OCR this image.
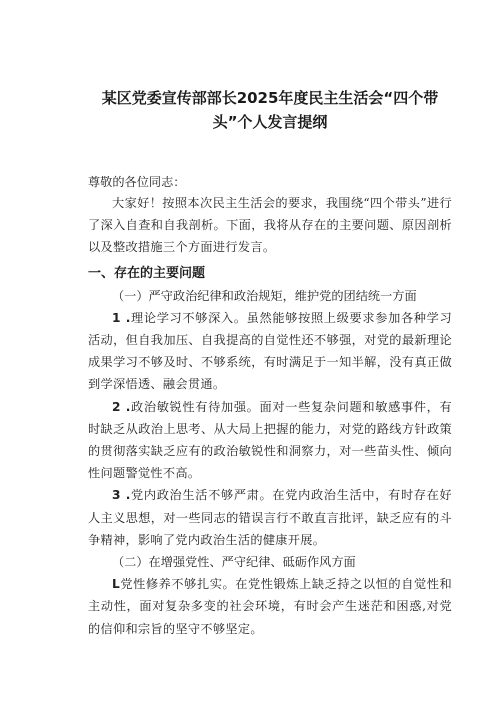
某区党委宣传部部长2025年度民主生活会“四个带头”个人发言提纲
尊敬的各位同志：

大家好！按照本次民主生活会的要求，我围绕“四个带头”进行了深入自查和自我剖析。下面，我将从存在的主要问题、原因剖析以及整改措施三个方面进行发言。

一、存在的主要问题
（一）严守政治纪律和政治规矩，维护党的团结统一方面

1 .理论学习不够深入。虽然能够按照上级要求参加各种学习活动，但自我加压、自我提高的自觉性还不够强，对党的最新理论成果学习不够及时、不够系统，有时满足于一知半解，没有真正做到学深悟透、融会贯通。

2 .政治敏锐性有待加强。面对一些复杂问题和敏感事件，有时缺乏从政治上思考、从大局上把握的能力，对党的路线方针政策的贯彻落实缺乏应有的政治敏锐性和洞察力，对一些苗头性、倾向性问题警觉性不高。

3 .党内政治生活不够严肃。在党内政治生活中，有时存在好人主义思想，对一些同志的错误言行不敢直言批评，缺乏应有的斗争精神，影响了党内政治生活的健康开展。

（二）在增强党性、严守纪律、砥砺作风方面

L党性修养不够扎实。在党性锻炼上缺乏持之以恒的自觉性和主动性，面对复杂多变的社会环境，有时会产生迷茫和困惑,对党的信仰和宗旨的坚守不够坚定。
